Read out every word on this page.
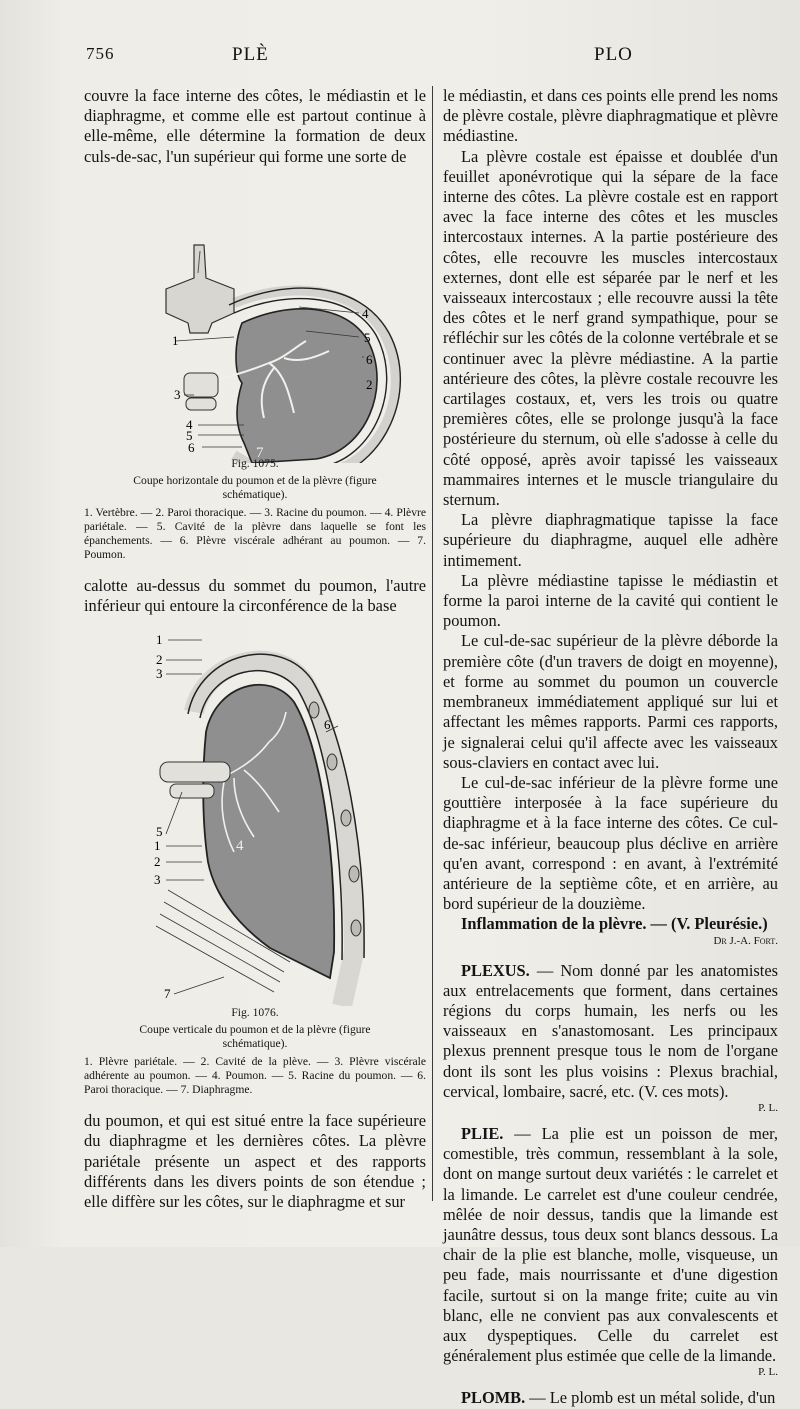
756	PLÈ	PLO

couvre la face interne des côtes, le médiastin et le diaphragme, et comme elle est partout continue à elle-même, elle détermine la formation de deux culs-de-sac, l'un supérieur qui forme une sorte de

4
5
6
1
3
2
4
5
6	7
Fig. 1075.
Coupe horizontale du poumon et de la plèvre (figure schématique).

1. Vertèbre. — 2. Paroi thoracique. — 3. Racine du poumon. — 4. Plèvre pariétale. — 5. Cavité de la plèvre dans laquelle se font les épanchements. — 6. Plèvre viscérale adhérant au poumon. — 7. Poumon.

calotte au-dessus du sommet du poumon, l'autre inférieur qui entoure la circonférence de la base

1
2
3
6
5
1
2
3
4
7
Fig. 1076.
Coupe verticale du poumon et de la plèvre (figure schématique).

1. Plèvre pariétale. — 2. Cavité de la plève. — 3. Plèvre viscérale adhérente au poumon. — 4. Poumon. — 5. Racine du poumon. — 6. Paroi thoracique. — 7. Diaphragme.

du poumon, et qui est situé entre la face supérieure du diaphragme et les dernières côtes. La plèvre pariétale présente un aspect et des rapports différents dans les divers points de son étendue ; elle diffère sur les côtes, sur le diaphragme et sur

le médiastin, et dans ces points elle prend les noms de plèvre costale, plèvre diaphragmatique et plèvre médiastine.

La plèvre costale est épaisse et doublée d'un feuillet aponévrotique qui la sépare de la face interne des côtes. La plèvre costale est en rapport avec la face interne des côtes et les muscles intercostaux internes. A la partie postérieure des côtes, elle recouvre les muscles intercostaux externes, dont elle est séparée par le nerf et les vaisseaux intercostaux ; elle recouvre aussi la tête des côtes et le nerf grand sympathique, pour se réfléchir sur les côtés de la colonne vertébrale et se continuer avec la plèvre médiastine. A la partie antérieure des côtes, la plèvre costale recouvre les cartilages costaux, et, vers les trois ou quatre premières côtes, elle se prolonge jusqu'à la face postérieure du sternum, où elle s'adosse à celle du côté opposé, après avoir tapissé les vaisseaux mammaires internes et le muscle triangulaire du sternum.

La plèvre diaphragmatique tapisse la face supérieure du diaphragme, auquel elle adhère intimement.

La plèvre médiastine tapisse le médiastin et forme la paroi interne de la cavité qui contient le poumon.

Le cul-de-sac supérieur de la plèvre déborde la première côte (d'un travers de doigt en moyenne), et forme au sommet du poumon un couvercle membraneux immédiatement appliqué sur lui et affectant les mêmes rapports. Parmi ces rapports, je signalerai celui qu'il affecte avec les vaisseaux sous-claviers en contact avec lui.

Le cul-de-sac inférieur de la plèvre forme une gouttière interposée à la face supérieure du diaphragme et à la face interne des côtes. Ce cul-de-sac inférieur, beaucoup plus déclive en arrière qu'en avant, correspond : en avant, à l'extrémité antérieure de la septième côte, et en arrière, au bord supérieur de la douzième.

Inflammation de la plèvre. — (V. Pleurésie.)

Dr J.-A. Fort.

PLEXUS. — Nom donné par les anatomistes aux entrelacements que forment, dans certaines régions du corps humain, les nerfs ou les vaisseaux en s'anastomosant. Les principaux plexus prennent presque tous le nom de l'organe dont ils sont les plus voisins : Plexus brachial, cervical, lombaire, sacré, etc. (V. ces mots).

P. L.

PLIE. — La plie est un poisson de mer, comestible, très commun, ressemblant à la sole, dont on mange surtout deux variétés : le carrelet et la limande. Le carrelet est d'une couleur cendrée, mêlée de noir dessus, tandis que la limande est jaunâtre dessus, tous deux sont blancs dessous. La chair de la plie est blanche, molle, visqueuse, un peu fade, mais nourrissante et d'une digestion facile, surtout si on la mange frite; cuite au vin blanc, elle ne convient pas aux convalescents et aux dyspeptiques. Celle du carrelet est généralement plus estimée que celle de la limande.

P. L.

PLOMB. — Le plomb est un métal solide, d'un
